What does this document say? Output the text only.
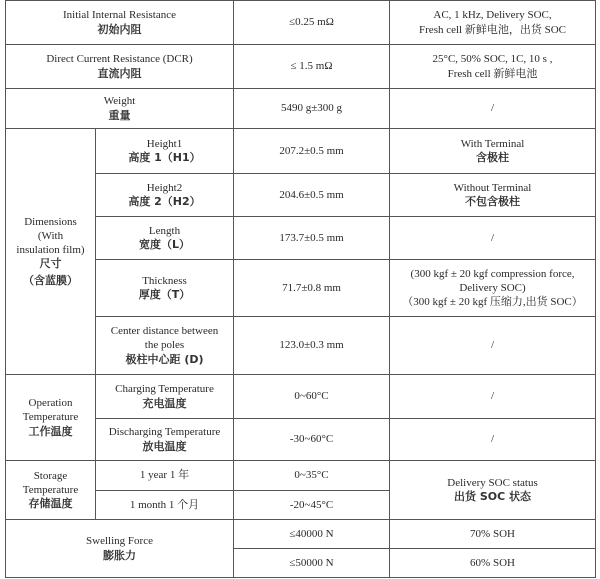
Initial Internal Resistance
初始内阻		≤0.25 mΩ	AC, 1 kHz, Delivery SOC,
Fresh cell 新鲜电池，出货 SOC

Direct Current Resistance (DCR)
直流内阻		≤ 1.5 mΩ	25°C, 50% SOC, 1C, 10 s ,
Fresh cell 新鲜电池

Weight
重量		5490 g±300 g	/

Dimensions
(With
insulation film)
尺寸
（含蓝膜）	Height1
高度 1（H1）	207.2±0.5 mm	With Terminal
含极柱

	Height2
高度 2（H2）	204.6±0.5 mm	Without Terminal
不包含极柱

	Length
宽度（L）	173.7±0.5 mm	/

	Thickness
厚度（T）	71.7±0.8 mm	(300 kgf ± 20 kgf compression force,
Delivery SOC)
（300 kgf ± 20 kgf 压缩力,出货 SOC）

	Center distance between
the poles
极柱中心距 (D)	123.0±0.3 mm	/

Operation
Temperature
工作温度	Charging Temperature
充电温度	0~60°C	/

	Discharging Temperature
放电温度	-30~60°C	/

Storage
Temperature
存储温度	1 year 1 年	0~35°C	Delivery SOC status
出货 SOC 状态

	1 month 1 个月	-20~45°C	

Swelling Force
膨胀力		≤40000 N	70% SOH
		≤50000 N	60% SOH
